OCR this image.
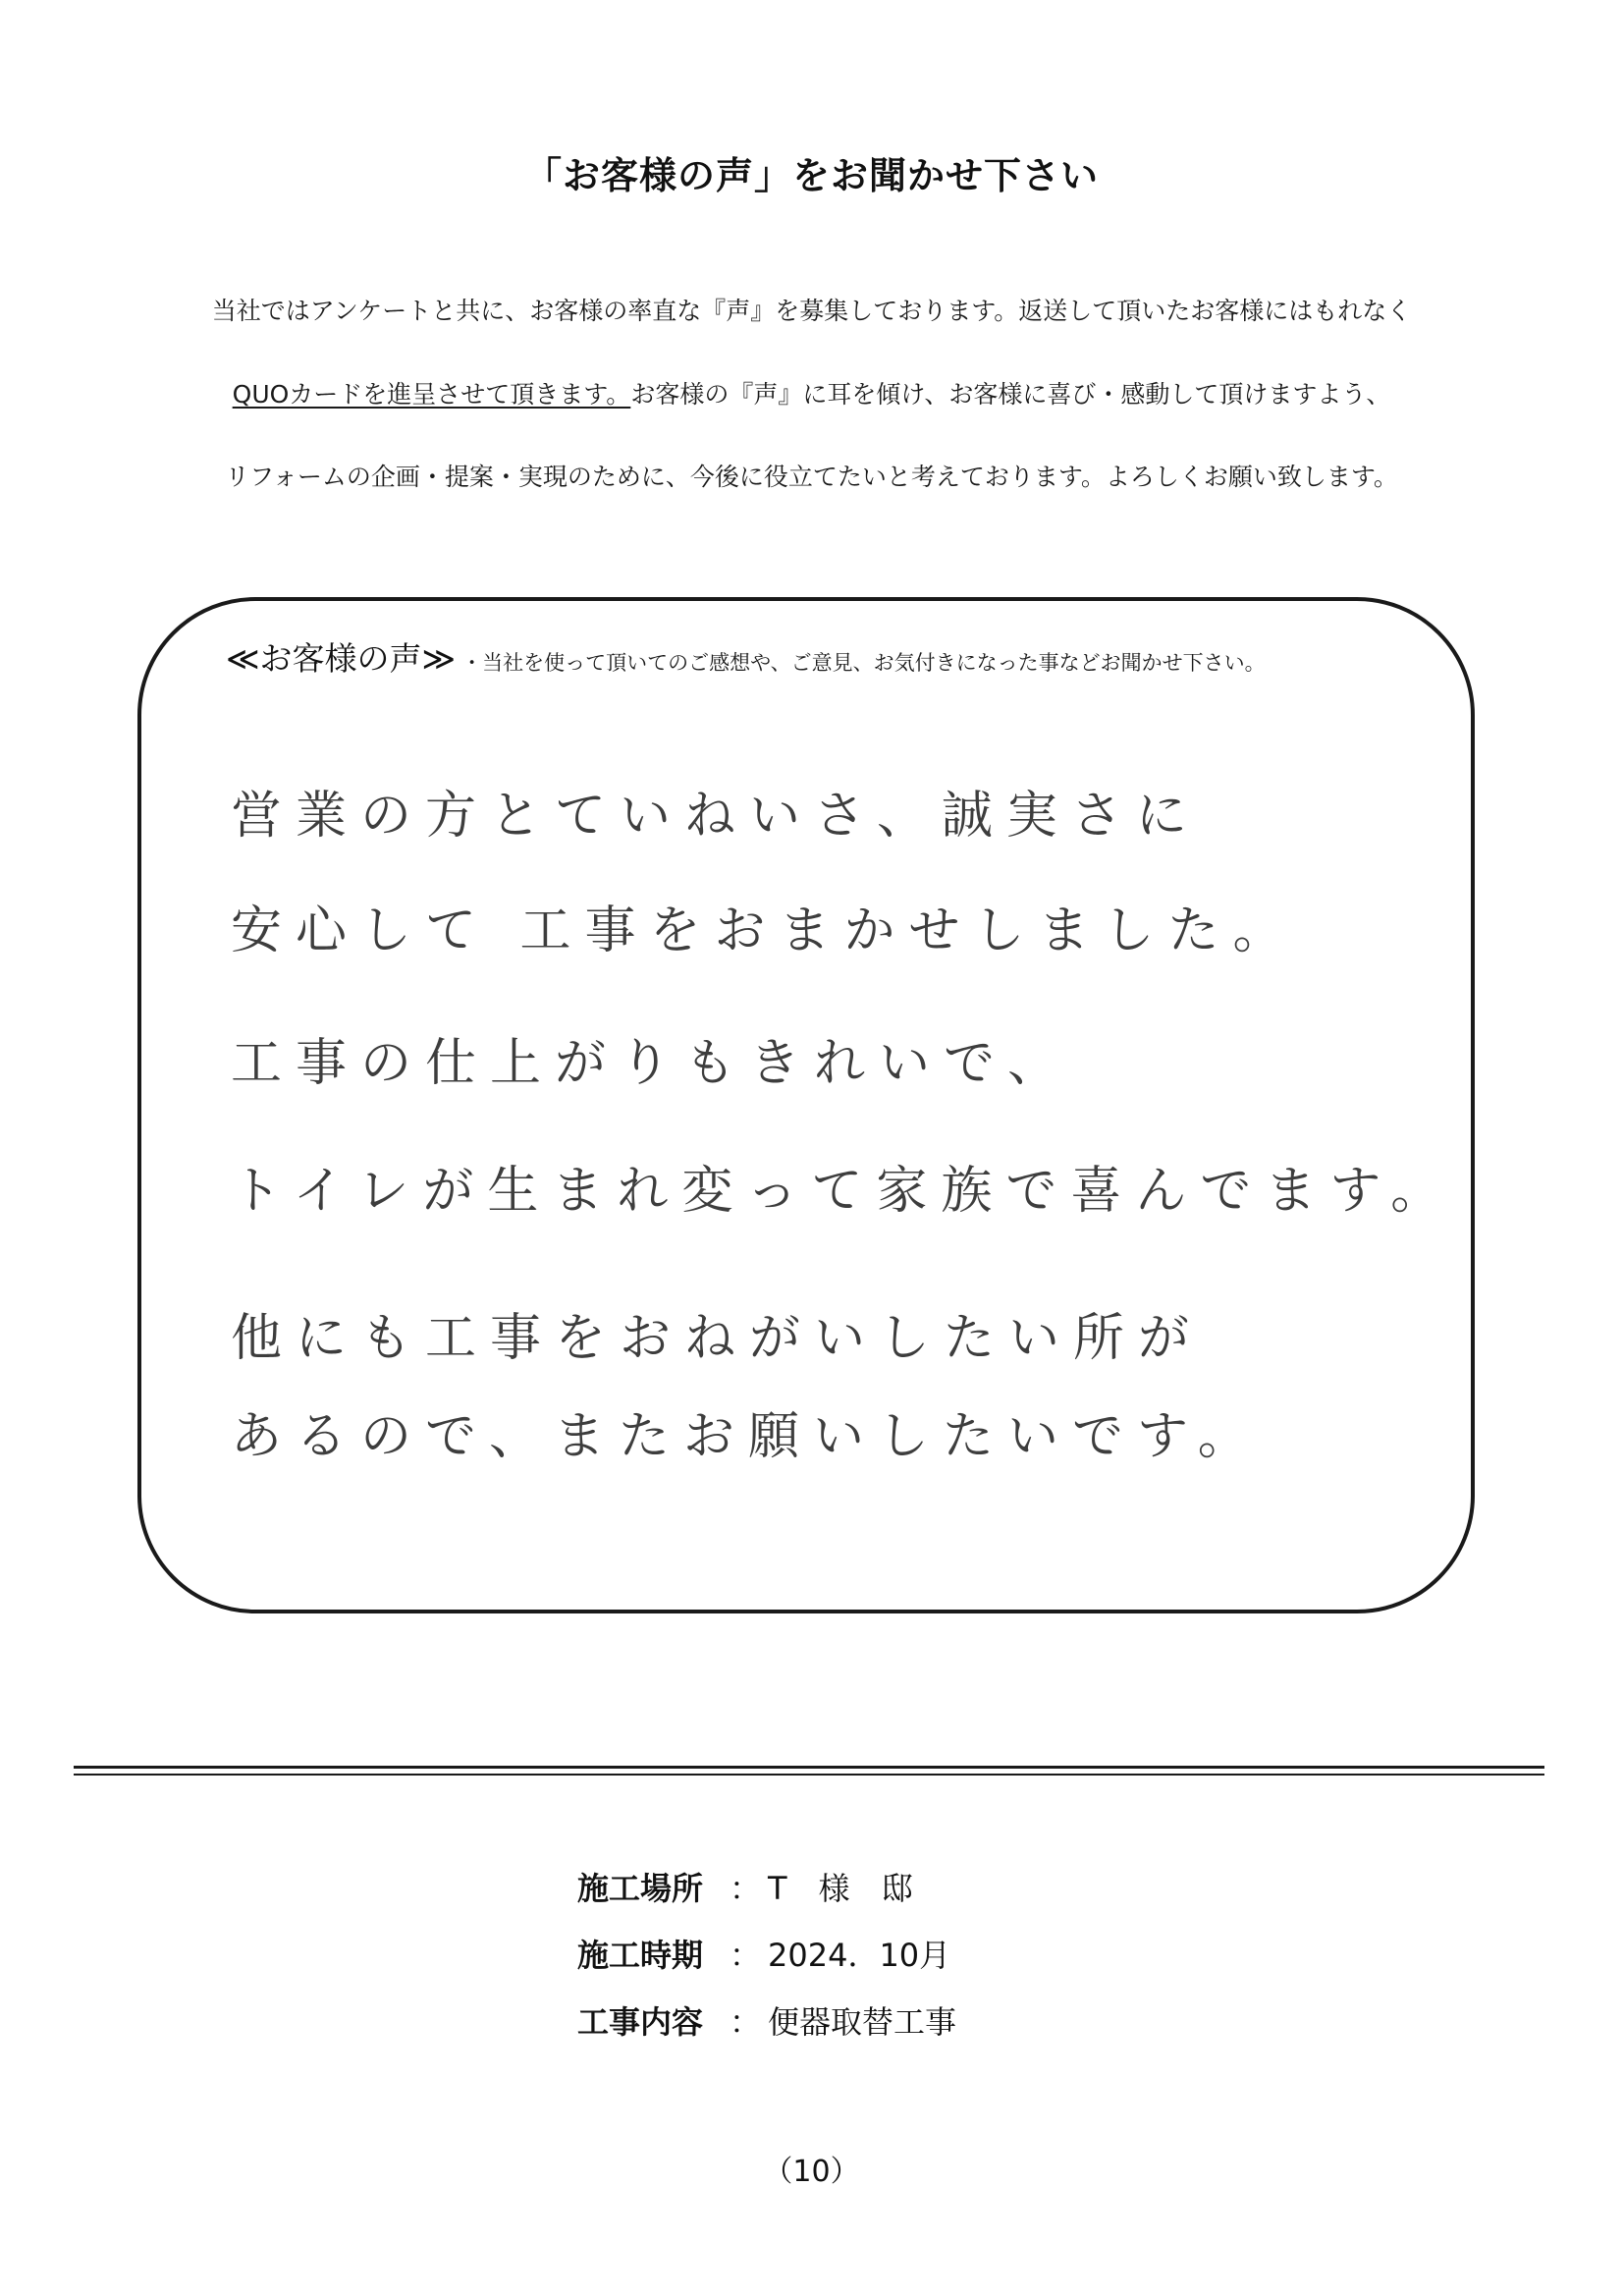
「お客様の声」をお聞かせ下さい
当社ではアンケートと共に、お客様の率直な『声』を募集しております。返送して頂いたお客様にはもれなく
QUOカードを進呈させて頂きます。お客様の『声』に耳を傾け、お客様に喜び・感動して頂けますよう、
リフォームの企画・提案・実現のために、今後に役立てたいと考えております。よろしくお願い致します。
≪お客様の声≫ ・当社を使って頂いてのご感想や、ご意見、お気付きになった事などお聞かせ下さい。
営業の方とていねいさ、誠実さに
安心して 工事をおまかせしました。
工事の仕上がりもきれいで、
トイレが生まれ変って家族で喜んでます。
他にも工事をおねがいしたい所が
あるので、またお願いしたいです。
施工場所 ： T　様　邸
施工時期 ： 2024．10月
工事内容 ： 便器取替工事
（10）
